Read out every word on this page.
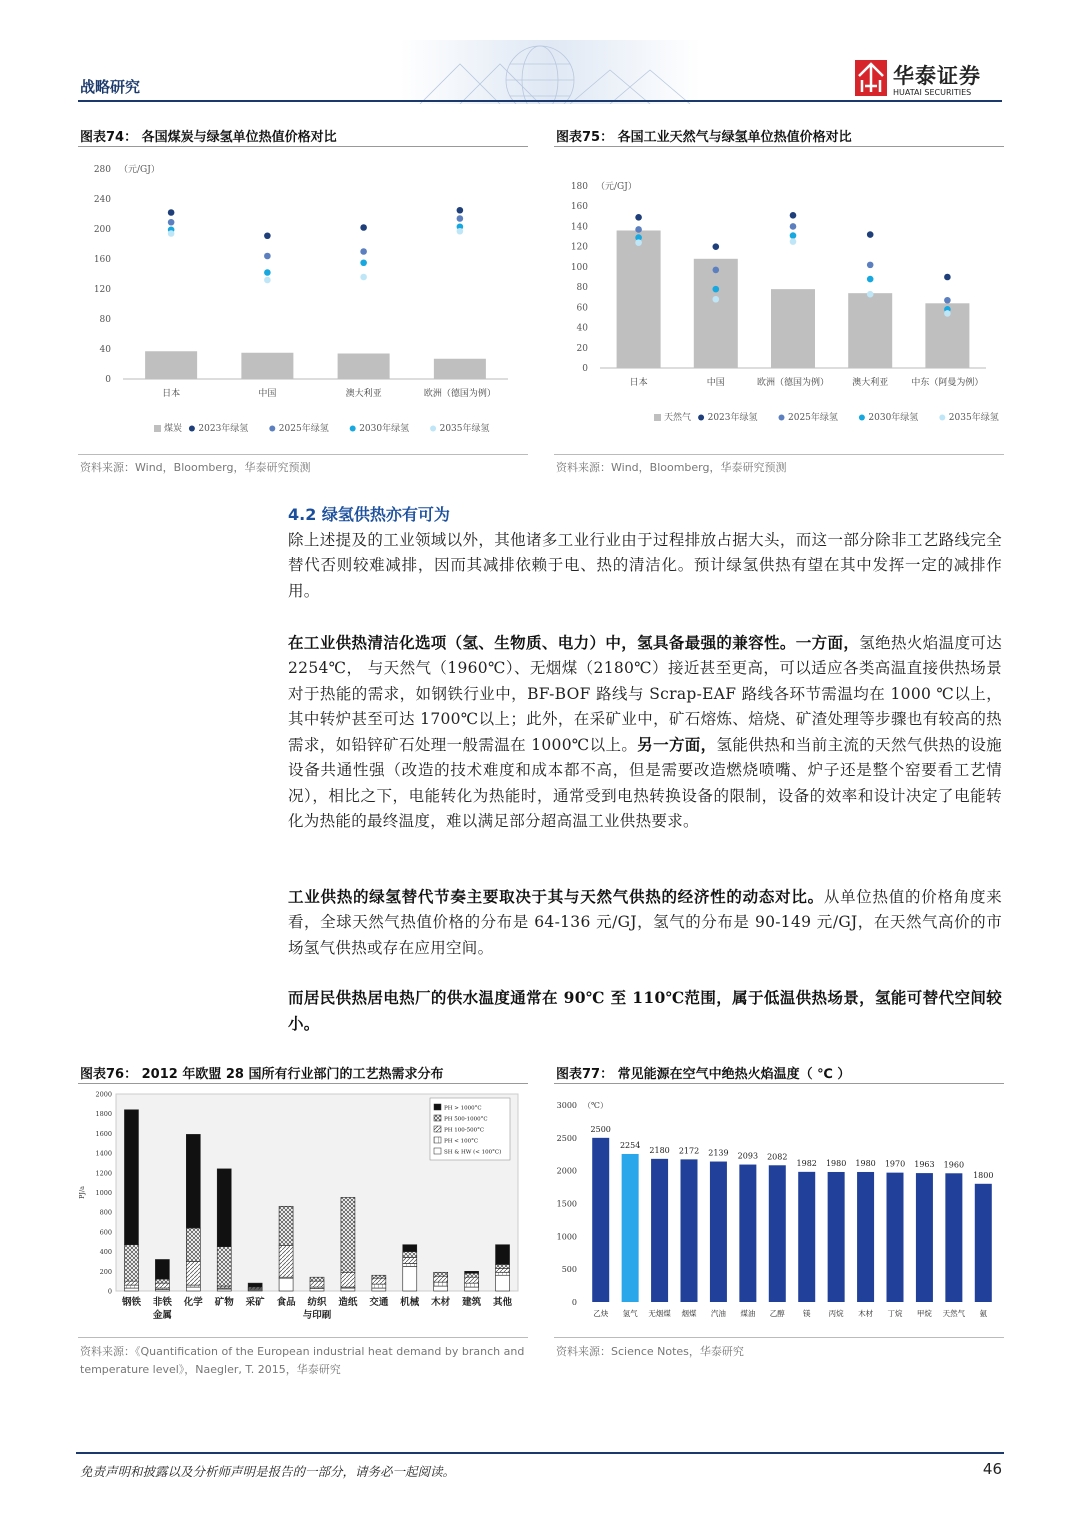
战略研究	华泰证券
HUATAI SECURITIES
图表74： 各国煤炭与绿氢单位热值价格对比
0
40
80
120
160
200
240
280 （元/GJ）
日本	中国	澳大利亚	欧洲（德国为例）
煤炭 2023年绿氢	2025年绿氢	2030年绿氢	2035年绿氢
资料来源：Wind，Bloomberg，华泰研究预测
图表75： 各国工业天然气与绿氢单位热值价格对比
0
20
40
60
80
100
120
140
160
180 （元/GJ）
日本	中国	欧洲（德国为例）	澳大利亚	中东（阿曼为例）
天然气 2023年绿氢	2025年绿氢	2030年绿氢	2035年绿氢
资料来源：Wind，Bloomberg，华泰研究预测
4.2 绿氢供热亦有可为
除上述提及的工业领域以外，其他诸多工业行业由于过程排放占据大头，而这一部分除非工艺路线完全替代否则较难减排，因而其减排依赖于电、热的清洁化。预计绿氢供热有望在其中发挥一定的减排作用。
在工业供热清洁化选项（氢、生物质、电力）中，氢具备最强的兼容性。一方面，氢绝热火焰温度可达 2254℃， 与天然气（1960℃）、无烟煤（2180℃）接近甚至更高，可以适应各类高温直接供热场景对于热能的需求，如钢铁行业中，BF-BOF 路线与 Scrap-EAF 路线各环节需温均在 1000 ℃以上，其中转炉甚至可达 1700℃以上；此外，在采矿业中，矿石熔炼、焙烧、矿渣处理等步骤也有较高的热需求，如铅锌矿石处理一般需温在 1000℃以上。另一方面，氢能供热和当前主流的天然气供热的设施设备共通性强（改造的技术难度和成本都不高，但是需要改造燃烧喷嘴、炉子还是整个窑要看工艺情况），相比之下，电能转化为热能时，通常受到电热转换设备的限制，设备的效率和设计决定了电能转化为热能的最终温度，难以满足部分超高温工业供热要求。
工业供热的绿氢替代节奏主要取决于其与天然气供热的经济性的动态对比。从单位热值的价格角度来看，全球天然气热值价格的分布是 64-136 元/GJ，氢气的分布是 90-149 元/GJ，在天然气高价的市场氢气供热或存在应用空间。
而居民供热居电热厂的供水温度通常在 90℃ 至 110℃范围，属于低温供热场景，氢能可替代空间较小。
图表76： 2012 年欧盟 28 国所有行业部门的工艺热需求分布
0
200
400
600
800
1000
1200
1400
1600
1800
2000
PJ/a
钢铁 非铁
金属
化学 矿物 采矿 食品 纺织
与印刷
造纸 交通 机械 木材 建筑 其他
PH > 1000°C
PH 500-1000°C
PH 100-500°C
PH < 100°C
SH & HW (< 100°C)
资料来源：《Quantification of the European industrial heat demand by branch and
temperature level》，Naegler, T. 2015，华泰研究
图表77： 常见能源在空气中绝热火焰温度（ ℃ ）
0
500
1000
1500
2000
2500
3000 （℃）
2500
乙炔
2254
氢气
2180
无烟煤
2172
烟煤
2139
汽油
2093
煤油
2082
乙醇
1982
镁
1980
丙烷
1980
木材
1970
丁烷
1963
甲烷
1960
天然气
1800
氨
资料来源：Science Notes，华泰研究
免责声明和披露以及分析师声明是报告的一部分，请务必一起阅读。	46
